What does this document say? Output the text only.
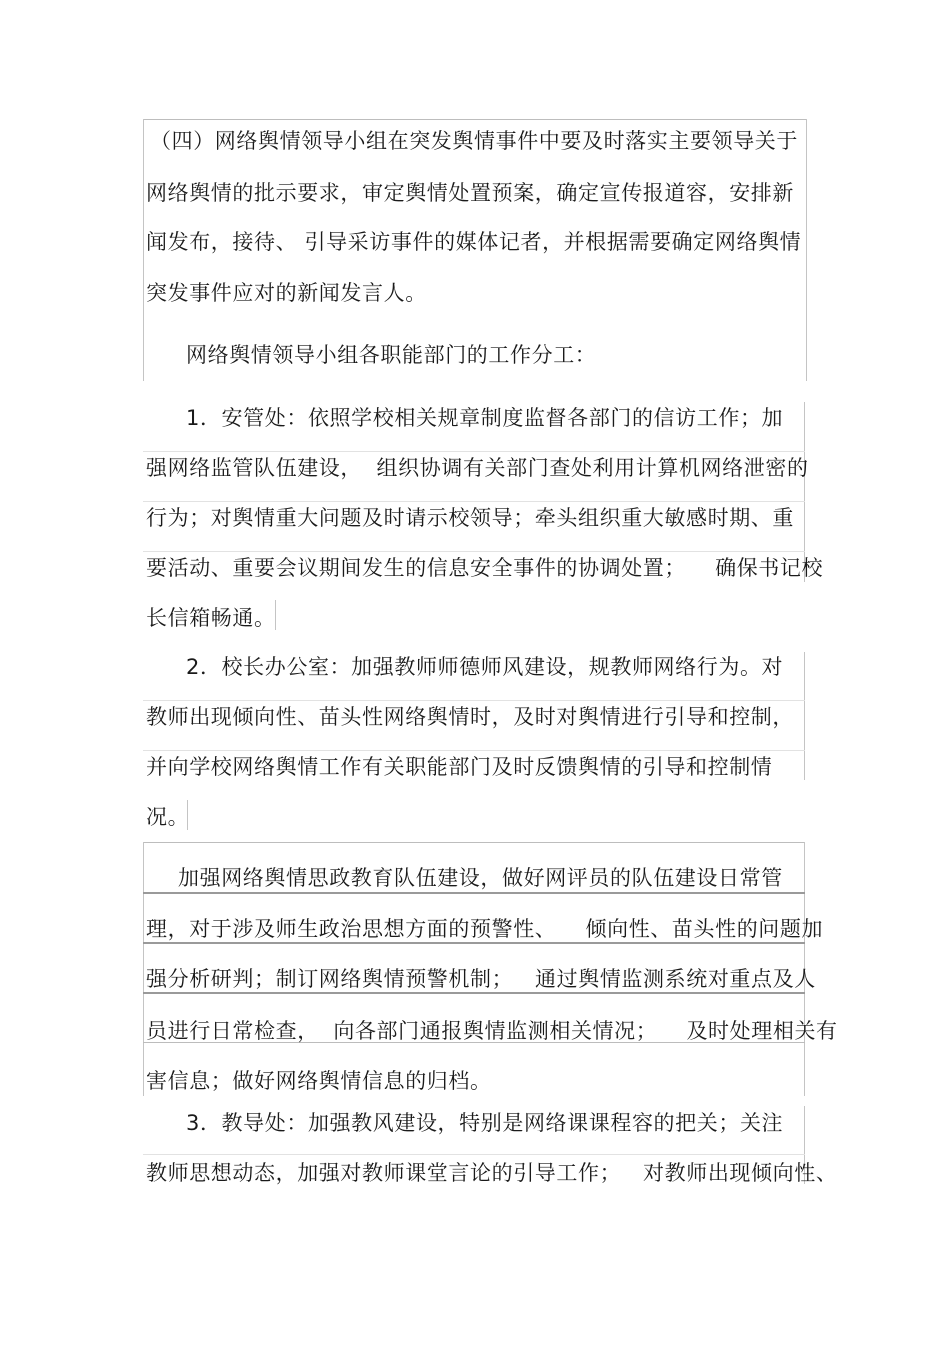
（四）网络舆情领导小组在突发舆情事件中要及时落实主要领导关于
网络舆情的批示要求，审定舆情处置预案，确定宣传报道容，安排新
闻发布，接待、 引导采访事件的媒体记者，并根据需要确定网络舆情
突发事件应对的新闻发言人。
网络舆情领导小组各职能部门的工作分工：
1．安管处：依照学校相关规章制度监督各部门的信访工作；加
强网络监管队伍建设，  组织协调有关部门查处利用计算机网络泄密的
行为；对舆情重大问题及时请示校领导；牵头组织重大敏感时期、重
要活动、重要会议期间发生的信息安全事件的协调处置；    确保书记校
长信箱畅通。
2．校长办公室：加强教师师德师风建设，规教师网络行为。对
教师出现倾向性、苗头性网络舆情时，及时对舆情进行引导和控制，
并向学校网络舆情工作有关职能部门及时反馈舆情的引导和控制情
况。
加强网络舆情思政教育队伍建设，做好网评员的队伍建设日常管
理，对于涉及师生政治思想方面的预警性、    倾向性、苗头性的问题加
强分析研判；制订网络舆情预警机制；   通过舆情监测系统对重点及人
员进行日常检查，  向各部门通报舆情监测相关情况；    及时处理相关有
害信息；做好网络舆情信息的归档。
3．教导处：加强教风建设，特别是网络课课程容的把关；关注
教师思想动态，加强对教师课堂言论的引导工作；   对教师出现倾向性、
